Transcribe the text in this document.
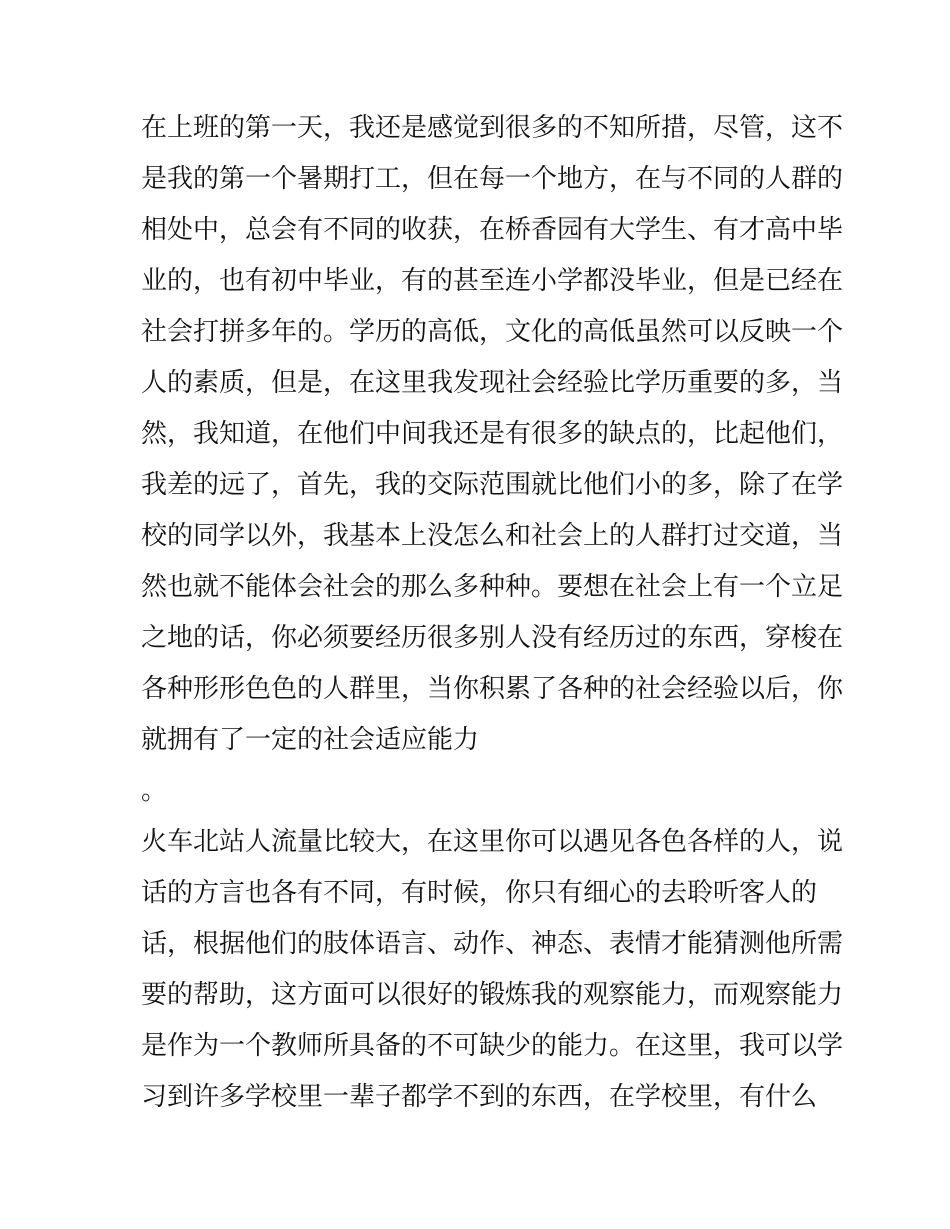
在上班的第一天，我还是感觉到很多的不知所措，尽管，这不

是我的第一个暑期打工，但在每一个地方，在与不同的人群的

相处中，总会有不同的收获，在桥香园有大学生、有才高中毕

业的，也有初中毕业，有的甚至连小学都没毕业，但是已经在

社会打拼多年的。学历的高低，文化的高低虽然可以反映一个

人的素质，但是，在这里我发现社会经验比学历重要的多，当

然，我知道，在他们中间我还是有很多的缺点的，比起他们，

我差的远了，首先，我的交际范围就比他们小的多，除了在学

校的同学以外，我基本上没怎么和社会上的人群打过交道，当

然也就不能体会社会的那么多种种。要想在社会上有一个立足

之地的话，你必须要经历很多别人没有经历过的东西，穿梭在

各种形形色色的人群里，当你积累了各种的社会经验以后，你

就拥有了一定的社会适应能力

。

火车北站人流量比较大，在这里你可以遇见各色各样的人，说

话的方言也各有不同，有时候，你只有细心的去聆听客人的

话，根据他们的肢体语言、动作、神态、表情才能猜测他所需

要的帮助，这方面可以很好的锻炼我的观察能力，而观察能力

是作为一个教师所具备的不可缺少的能力。在这里，我可以学

习到许多学校里一辈子都学不到的东西，在学校里，有什么
